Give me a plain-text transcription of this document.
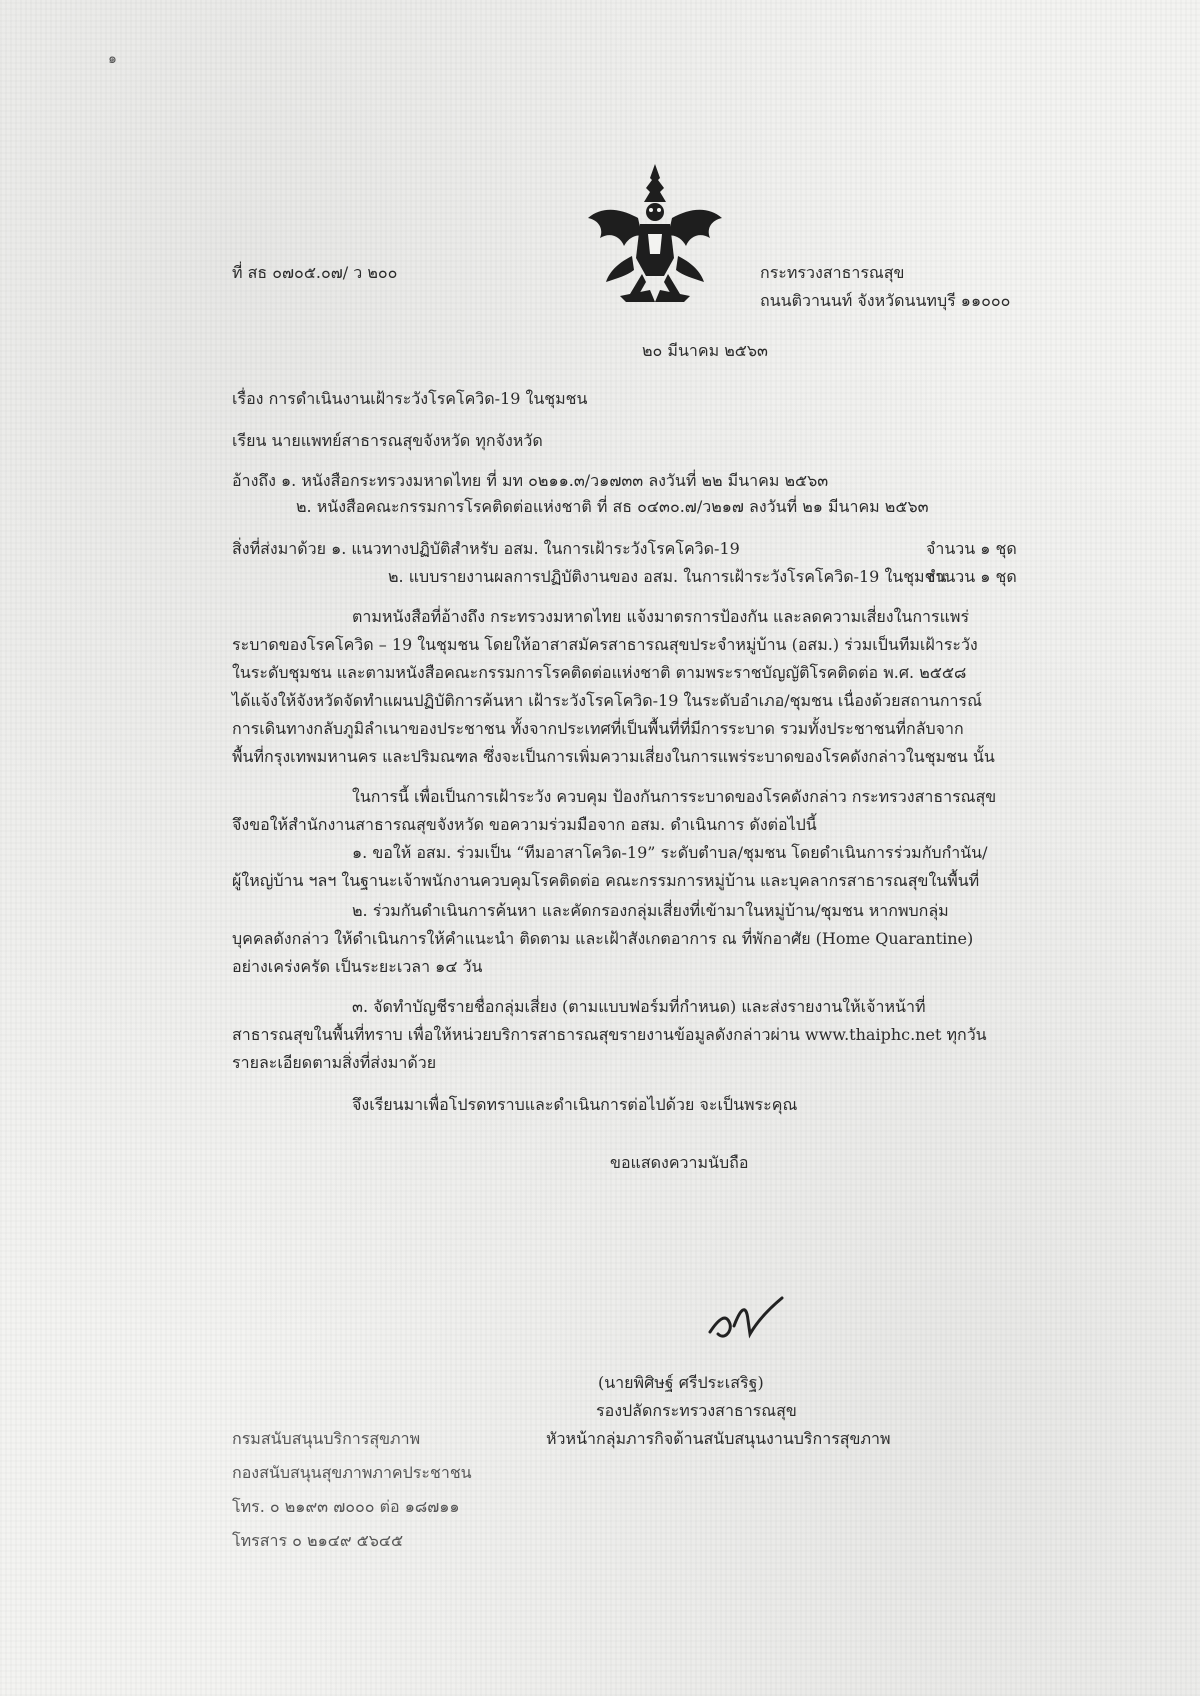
๑
ที่ สธ ๐๗๐๕.๐๗/ ว ๒๐๐	กระทรวงสาธารณสุข
ถนนติวานนท์ จังหวัดนนทบุรี ๑๑๐๐๐
๒๐ มีนาคม ๒๕๖๓
เรื่อง การดำเนินงานเฝ้าระวังโรคโควิด-19 ในชุมชน
เรียน นายแพทย์สาธารณสุขจังหวัด ทุกจังหวัด
อ้างถึง ๑. หนังสือกระทรวงมหาดไทย ที่ มท ๐๒๑๑.๓/ว๑๗๓๓ ลงวันที่ ๒๒ มีนาคม ๒๕๖๓
๒. หนังสือคณะกรรมการโรคติดต่อแห่งชาติ ที่ สธ ๐๔๓๐.๗/ว๒๑๗ ลงวันที่ ๒๑ มีนาคม ๒๕๖๓
สิ่งที่ส่งมาด้วย ๑. แนวทางปฏิบัติสำหรับ อสม. ในการเฝ้าระวังโรคโควิด-19	จำนวน ๑ ชุด
๒. แบบรายงานผลการปฏิบัติงานของ อสม. ในการเฝ้าระวังโรคโควิด-19 ในชุมชน
จำนวน ๑ ชุด
ตามหนังสือที่อ้างถึง กระทรวงมหาดไทย แจ้งมาตรการป้องกัน และลดความเสี่ยงในการแพร่
ระบาดของโรคโควิด – 19 ในชุมชน โดยให้อาสาสมัครสาธารณสุขประจำหมู่บ้าน (อสม.) ร่วมเป็นทีมเฝ้าระวัง
ในระดับชุมชน และตามหนังสือคณะกรรมการโรคติดต่อแห่งชาติ ตามพระราชบัญญัติโรคติดต่อ พ.ศ. ๒๕๕๘
ได้แจ้งให้จังหวัดจัดทำแผนปฏิบัติการค้นหา เฝ้าระวังโรคโควิด-19 ในระดับอำเภอ/ชุมชน เนื่องด้วยสถานการณ์
การเดินทางกลับภูมิลำเนาของประชาชน ทั้งจากประเทศที่เป็นพื้นที่ที่มีการระบาด รวมทั้งประชาชนที่กลับจาก
พื้นที่กรุงเทพมหานคร และปริมณฑล ซึ่งจะเป็นการเพิ่มความเสี่ยงในการแพร่ระบาดของโรคดังกล่าวในชุมชน นั้น
ในการนี้ เพื่อเป็นการเฝ้าระวัง ควบคุม ป้องกันการระบาดของโรคดังกล่าว กระทรวงสาธารณสุข
จึงขอให้สำนักงานสาธารณสุขจังหวัด ขอความร่วมมือจาก อสม. ดำเนินการ ดังต่อไปนี้
๑. ขอให้ อสม. ร่วมเป็น “ทีมอาสาโควิด-19” ระดับตำบล/ชุมชน โดยดำเนินการร่วมกับกำนัน/
ผู้ใหญ่บ้าน ฯลฯ ในฐานะเจ้าพนักงานควบคุมโรคติดต่อ คณะกรรมการหมู่บ้าน และบุคลากรสาธารณสุขในพื้นที่
๒. ร่วมกันดำเนินการค้นหา และคัดกรองกลุ่มเสี่ยงที่เข้ามาในหมู่บ้าน/ชุมชน หากพบกลุ่ม
บุคคลดังกล่าว ให้ดำเนินการให้คำแนะนำ ติดตาม และเฝ้าสังเกตอาการ ณ ที่พักอาศัย (Home Quarantine)
อย่างเคร่งครัด เป็นระยะเวลา ๑๔ วัน
๓. จัดทำบัญชีรายชื่อกลุ่มเสี่ยง (ตามแบบฟอร์มที่กำหนด) และส่งรายงานให้เจ้าหน้าที่
สาธารณสุขในพื้นที่ทราบ เพื่อให้หน่วยบริการสาธารณสุขรายงานข้อมูลดังกล่าวผ่าน www.thaiphc.net ทุกวัน
รายละเอียดตามสิ่งที่ส่งมาด้วย
จึงเรียนมาเพื่อโปรดทราบและดำเนินการต่อไปด้วย จะเป็นพระคุณ
ขอแสดงความนับถือ
(นายพิศิษฐ์ ศรีประเสริฐ)
รองปลัดกระทรวงสาธารณสุข
หัวหน้ากลุ่มภารกิจด้านสนับสนุนงานบริการสุขภาพ
กรมสนับสนุนบริการสุขภาพ
กองสนับสนุนสุขภาพภาคประชาชน
โทร. ๐ ๒๑๙๓ ๗๐๐๐ ต่อ ๑๘๗๑๑
โทรสาร ๐ ๒๑๔๙ ๕๖๔๕
